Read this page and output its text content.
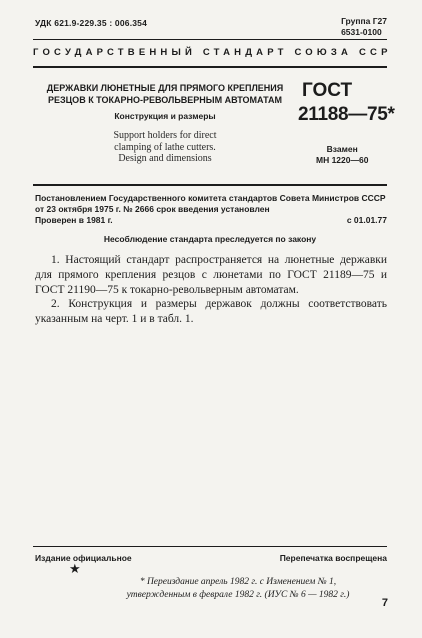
УДК 621.9-229.35 : 006.354	Группа Г27
6531-0100
ГОСУДАРСТВЕННЫЙ СТАНДАРТ СОЮЗА ССР
ДЕРЖАВКИ ЛЮНЕТНЫЕ ДЛЯ ПРЯМОГО КРЕПЛЕНИЯ
РЕЗЦОВ К ТОКАРНО-РЕВОЛЬВЕРНЫМ АВТОМАТАМ
Конструкция и размеры
Support holders for direct
clamping of lathe cutters.
Design and dimensions
ГОСТ
21188—75*
Взамен
МН 1220—60
Постановлением Государственного комитета стандартов Совета Министров СССР
от 23 октября 1975 г. № 2666 срок введения установлен
Проверен в 1981 г.	с 01.01.77
Несоблюдение стандарта преследуется по закону

1. Настоящий стандарт распространяется на люнетные державки для прямого крепления резцов с люнетами по ГОСТ 21189—75 и ГОСТ 21190—75 к токарно-револьверным автоматам.

2. Конструкция и размеры державок должны соответствовать указанным на черт. 1 и в табл. 1.

Издание официальное	Перепечатка воспрещена
★
* Переиздание апрель 1982 г. с Изменением № 1,
утвержденным в феврале 1982 г. (ИУС № 6 — 1982 г.)
7
